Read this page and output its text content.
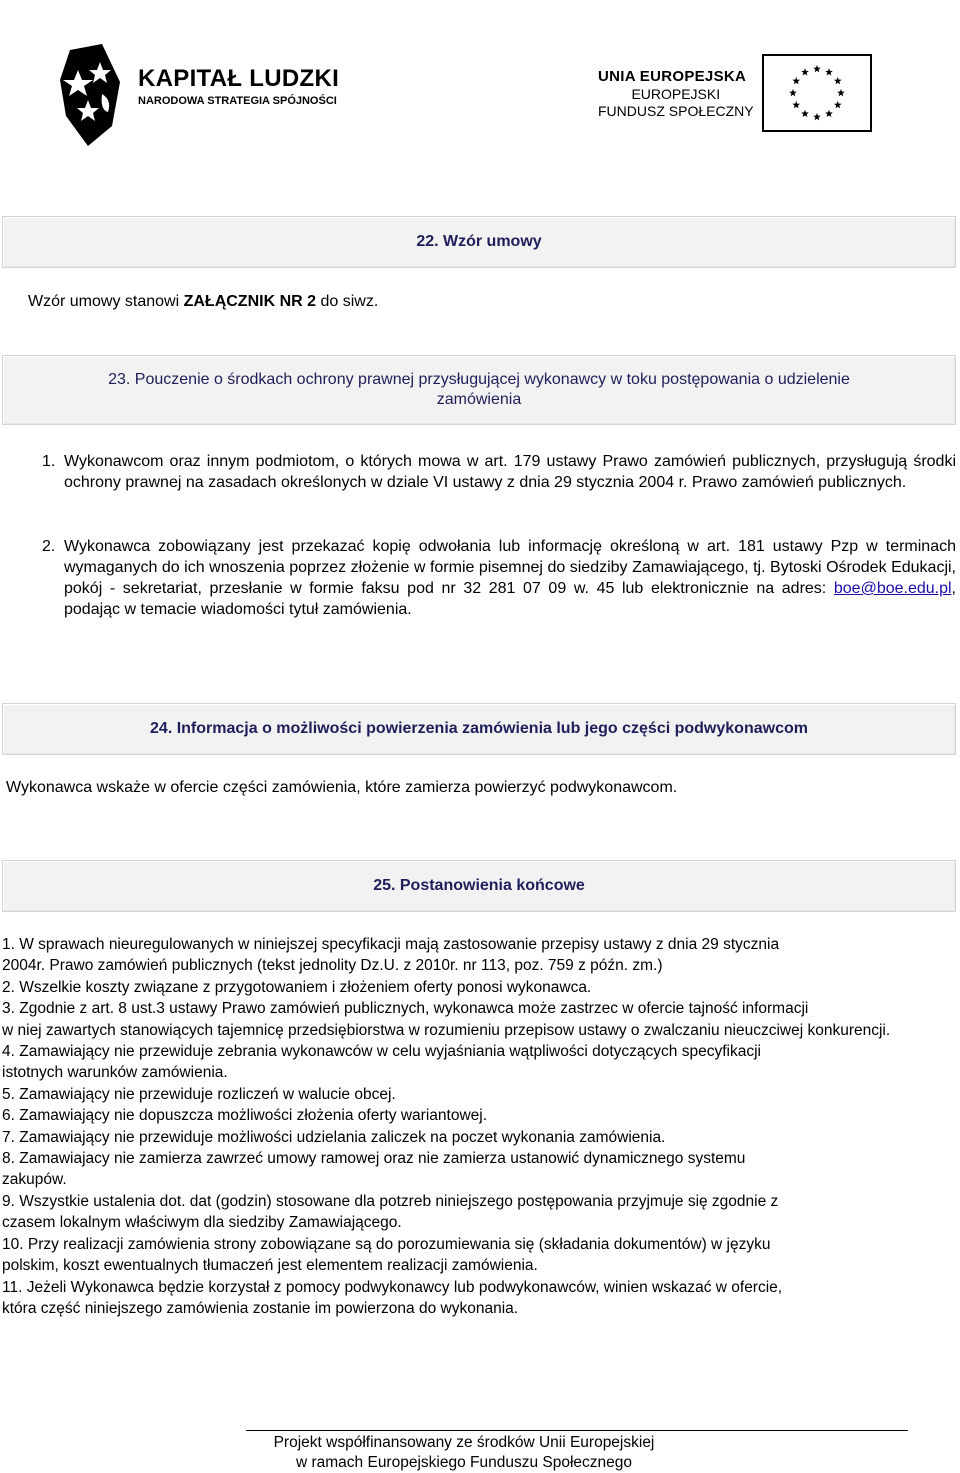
KAPITAŁ LUDZKI
NARODOWA STRATEGIA SPÓJNOŚCI
UNIA EUROPEJSKA
EUROPEJSKI
FUNDUSZ SPOŁECZNY
22. Wzór umowy
Wzór umowy stanowi ZAŁĄCZNIK NR 2 do siwz.
23. Pouczenie o środkach ochrony prawnej przysługującej wykonawcy w toku postępowania o udzielenie
zamówienia
1. Wykonawcom oraz innym podmiotom, o których mowa w art. 179 ustawy Prawo zamówień publicznych, przysługują środki ochrony prawnej na zasadach określonych w dziale VI ustawy z dnia 29 stycznia 2004 r. Prawo zamówień publicznych.
2. Wykonawca zobowiązany jest przekazać kopię odwołania lub informację określoną w art. 181 ustawy Pzp w terminach wymaganych do ich wnoszenia poprzez złożenie w formie pisemnej do siedziby Zamawiającego, tj. Bytoski Ośrodek Edukacji, pokój - sekretariat, przesłanie w formie faksu pod nr 32 281 07 09 w. 45 lub elektronicznie na adres: boe@boe.edu.pl, podając w temacie wiadomości tytuł zamówienia.
24. Informacja o możliwości powierzenia zamówienia lub jego części podwykonawcom
Wykonawca wskaże w ofercie części zamówienia, które zamierza powierzyć podwykonawcom.
25. Postanowienia końcowe
1. W sprawach nieuregulowanych w niniejszej specyfikacji mają zastosowanie przepisy ustawy z dnia 29 stycznia
2004r. Prawo zamówień publicznych (tekst jednolity Dz.U. z 2010r. nr 113, poz. 759 z późn. zm.)
2. Wszelkie koszty związane z przygotowaniem i złożeniem oferty ponosi wykonawca.
3. Zgodnie z art. 8 ust.3 ustawy Prawo zamówień publicznych, wykonawca może zastrzec w ofercie tajność informacji
w niej zawartych stanowiących tajemnicę przedsiębiorstwa w rozumieniu przepisow ustawy o zwalczaniu nieuczciwej konkurencji.
4. Zamawiający nie przewiduje zebrania wykonawców w celu wyjaśniania wątpliwości dotyczących specyfikacji
istotnych warunków zamówienia.
5. Zamawiający nie przewiduje rozliczeń w walucie obcej.
6. Zamawiający nie dopuszcza możliwości złożenia oferty wariantowej.
7. Zamawiający nie przewiduje możliwości udzielania zaliczek na poczet wykonania zamówienia.
8. Zamawiajacy nie zamierza zawrzeć umowy ramowej oraz nie zamierza ustanowić dynamicznego systemu
zakupów.
9. Wszystkie ustalenia dot. dat (godzin) stosowane dla potzreb niniejszego postępowania przyjmuje się zgodnie z
czasem lokalnym właściwym dla siedziby Zamawiającego.
10. Przy realizacji zamówienia strony zobowiązane są do porozumiewania się (składania dokumentów) w języku
polskim, koszt ewentualnych tłumaczeń jest elementem realizacji zamówienia.
11. Jeżeli Wykonawca będzie korzystał z pomocy podwykonawcy lub podwykonawców, winien wskazać w ofercie,
która część niniejszego zamówienia zostanie im powierzona do wykonania.
Projekt współfinansowany ze środków Unii Europejskiej
w ramach Europejskiego Funduszu Społecznego
